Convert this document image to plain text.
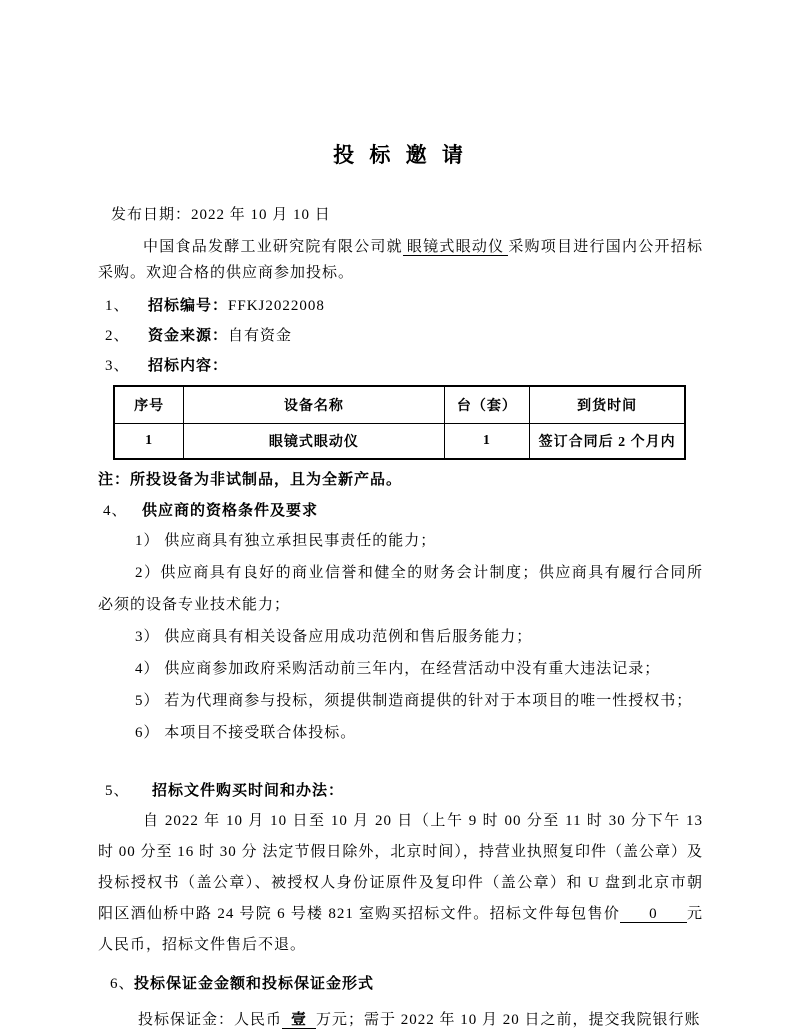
投 标 邀 请

发布日期：2022 年 10 月 10 日

中国食品发酵工业研究院有限公司就 眼镜式眼动仪 采购项目进行国内公开招标采购。欢迎合格的供应商参加投标。

1、 招标编号：FFKJ2022008

2、 资金来源：自有资金

3、 招标内容：

序号	设备名称	台（套）	到货时间
1	眼镜式眼动仪	1	签订合同后 2 个月内

注：所投设备为非试制品，且为全新产品。

4、 供应商的资格条件及要求

1） 供应商具有独立承担民事责任的能力；

2）供应商具有良好的商业信誉和健全的财务会计制度；供应商具有履行合同所必须的设备专业技术能力；

3） 供应商具有相关设备应用成功范例和售后服务能力；

4） 供应商参加政府采购活动前三年内，在经营活动中没有重大违法记录；

5） 若为代理商参与投标，须提供制造商提供的针对于本项目的唯一性授权书；

6） 本项目不接受联合体投标。

5、 招标文件购买时间和办法：

自 2022 年 10 月 10 日至 10 月 20 日（上午 9 时 00 分至 11 时 30 分下午 13 时 00 分至 16 时 30 分 法定节假日除外，北京时间），持营业执照复印件（盖公章）及投标授权书（盖公章）、被授权人身份证原件及复印件（盖公章）和 U 盘到北京市朝阳区酒仙桥中路 24 号院 6 号楼 821 室购买招标文件。招标文件每包售价 0 元人民币，招标文件售后不退。

6、投标保证金金额和投标保证金形式

投标保证金：人民币 壹 万元；需于 2022 年 10 月 20 日之前，提交我院银行账
